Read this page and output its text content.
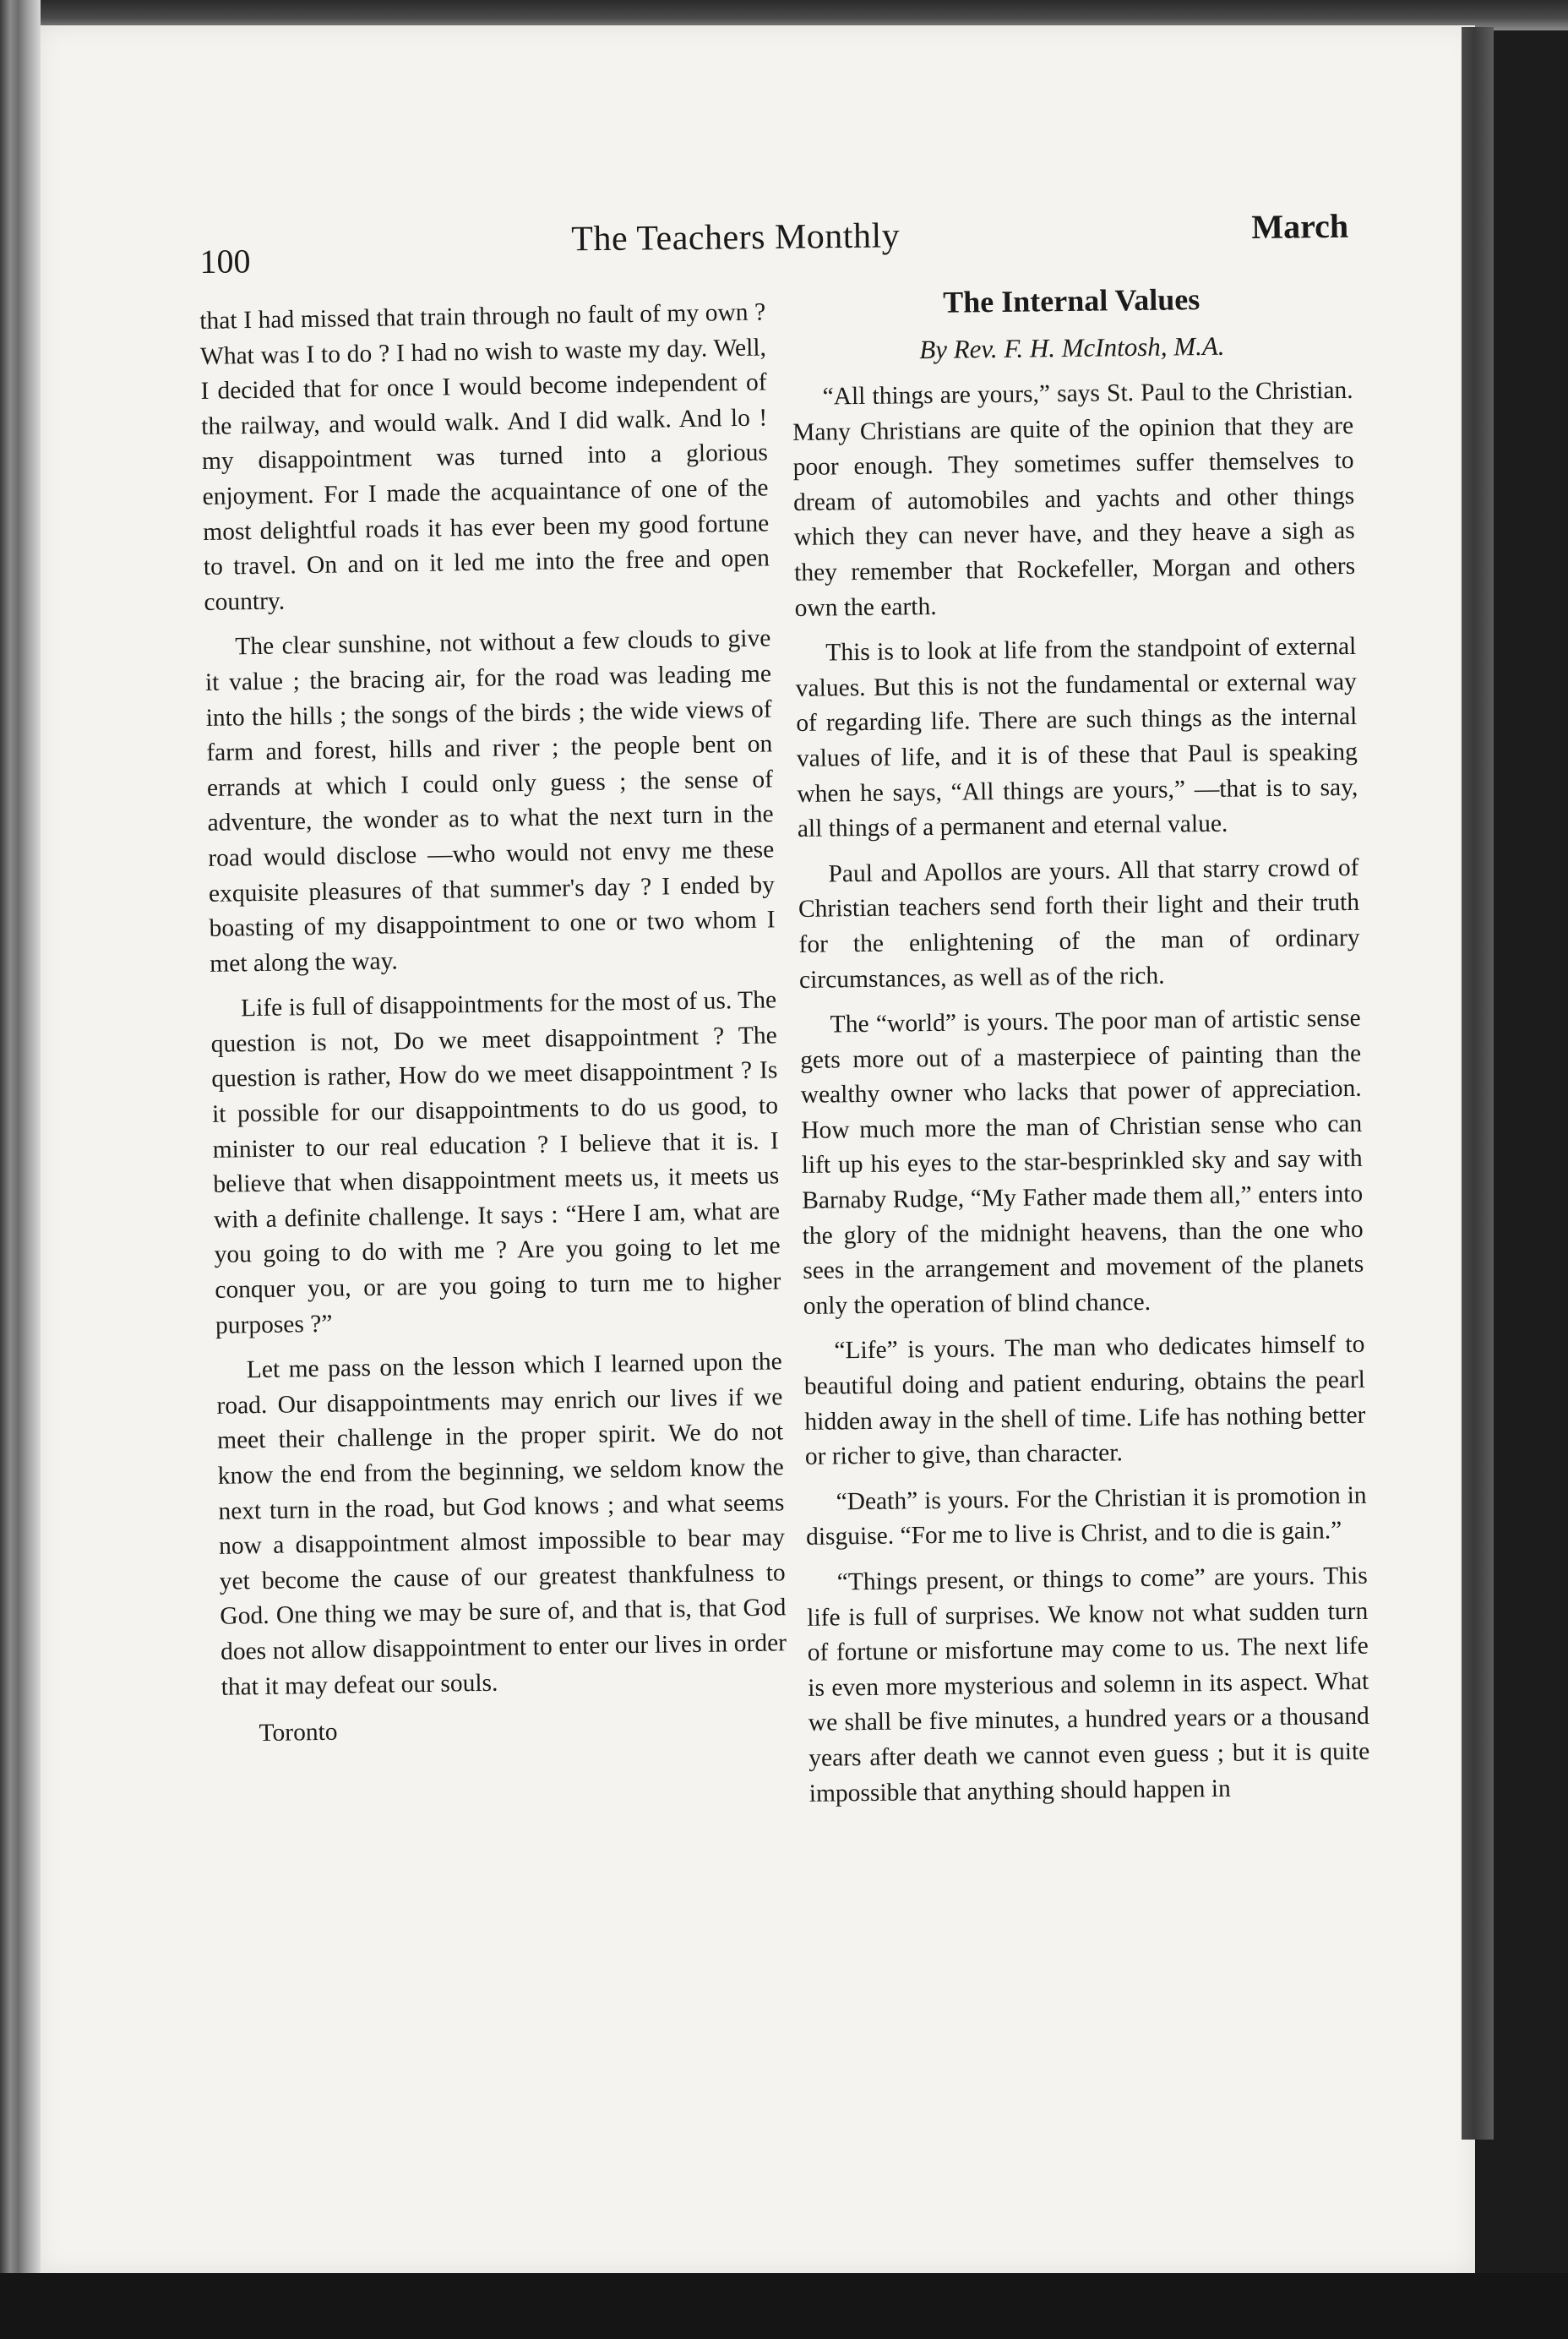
100
The Teachers Monthly	March

that I had missed that train through no fault of my own ? What was I to do ? I had no wish to waste my day. Well, I decided that for once I would become independent of the railway, and would walk. And I did walk. And lo ! my disappointment was turned into a glorious enjoyment. For I made the acquaintance of one of the most delightful roads it has ever been my good fortune to travel. On and on it led me into the free and open country.

The clear sunshine, not without a few clouds to give it value ; the bracing air, for the road was leading me into the hills ; the songs of the birds ; the wide views of farm and forest, hills and river ; the people bent on errands at which I could only guess ; the sense of adventure, the wonder as to what the next turn in the road would disclose —who would not envy me these exquisite pleasures of that summer's day ? I ended by boasting of my disappointment to one or two whom I met along the way.

Life is full of disappointments for the most of us. The question is not, Do we meet disappointment ? The question is rather, How do we meet disappointment ? Is it possible for our disappointments to do us good, to minister to our real education ? I believe that it is. I believe that when disappointment meets us, it meets us with a definite challenge. It says : “Here I am, what are you going to do with me ? Are you going to let me conquer you, or are you going to turn me to higher purposes ?”

Let me pass on the lesson which I learned upon the road. Our disappointments may enrich our lives if we meet their challenge in the proper spirit. We do not know the end from the beginning, we seldom know the next turn in the road, but God knows ; and what seems now a disappointment almost impossible to bear may yet become the cause of our greatest thankfulness to God. One thing we may be sure of, and that is, that God does not allow disappointment to enter our lives in order that it may defeat our souls.

Toronto
The Internal Values
By Rev. F. H. McIntosh, M.A.

“All things are yours,” says St. Paul to the Christian. Many Christians are quite of the opinion that they are poor enough. They sometimes suffer themselves to dream of automobiles and yachts and other things which they can never have, and they heave a sigh as they remember that Rockefeller, Morgan and others own the earth.

This is to look at life from the standpoint of external values. But this is not the fundamental or external way of regarding life. There are such things as the internal values of life, and it is of these that Paul is speaking when he says, “All things are yours,” —that is to say, all things of a permanent and eternal value.

Paul and Apollos are yours. All that starry crowd of Christian teachers send forth their light and their truth for the enlightening of the man of ordinary circumstances, as well as of the rich.

The “world” is yours. The poor man of artistic sense gets more out of a masterpiece of painting than the wealthy owner who lacks that power of appreciation. How much more the man of Christian sense who can lift up his eyes to the star-besprinkled sky and say with Barnaby Rudge, “My Father made them all,” enters into the glory of the midnight heavens, than the one who sees in the arrangement and movement of the planets only the operation of blind chance.

“Life” is yours. The man who dedicates himself to beautiful doing and patient enduring, obtains the pearl hidden away in the shell of time. Life has nothing better or richer to give, than character.

“Death” is yours. For the Christian it is promotion in disguise. “For me to live is Christ, and to die is gain.”

“Things present, or things to come” are yours. This life is full of surprises. We know not what sudden turn of fortune or misfortune may come to us. The next life is even more mysterious and solemn in its aspect. What we shall be five minutes, a hundred years or a thousand years after death we cannot even guess ; but it is quite impossible that anything should happen in
